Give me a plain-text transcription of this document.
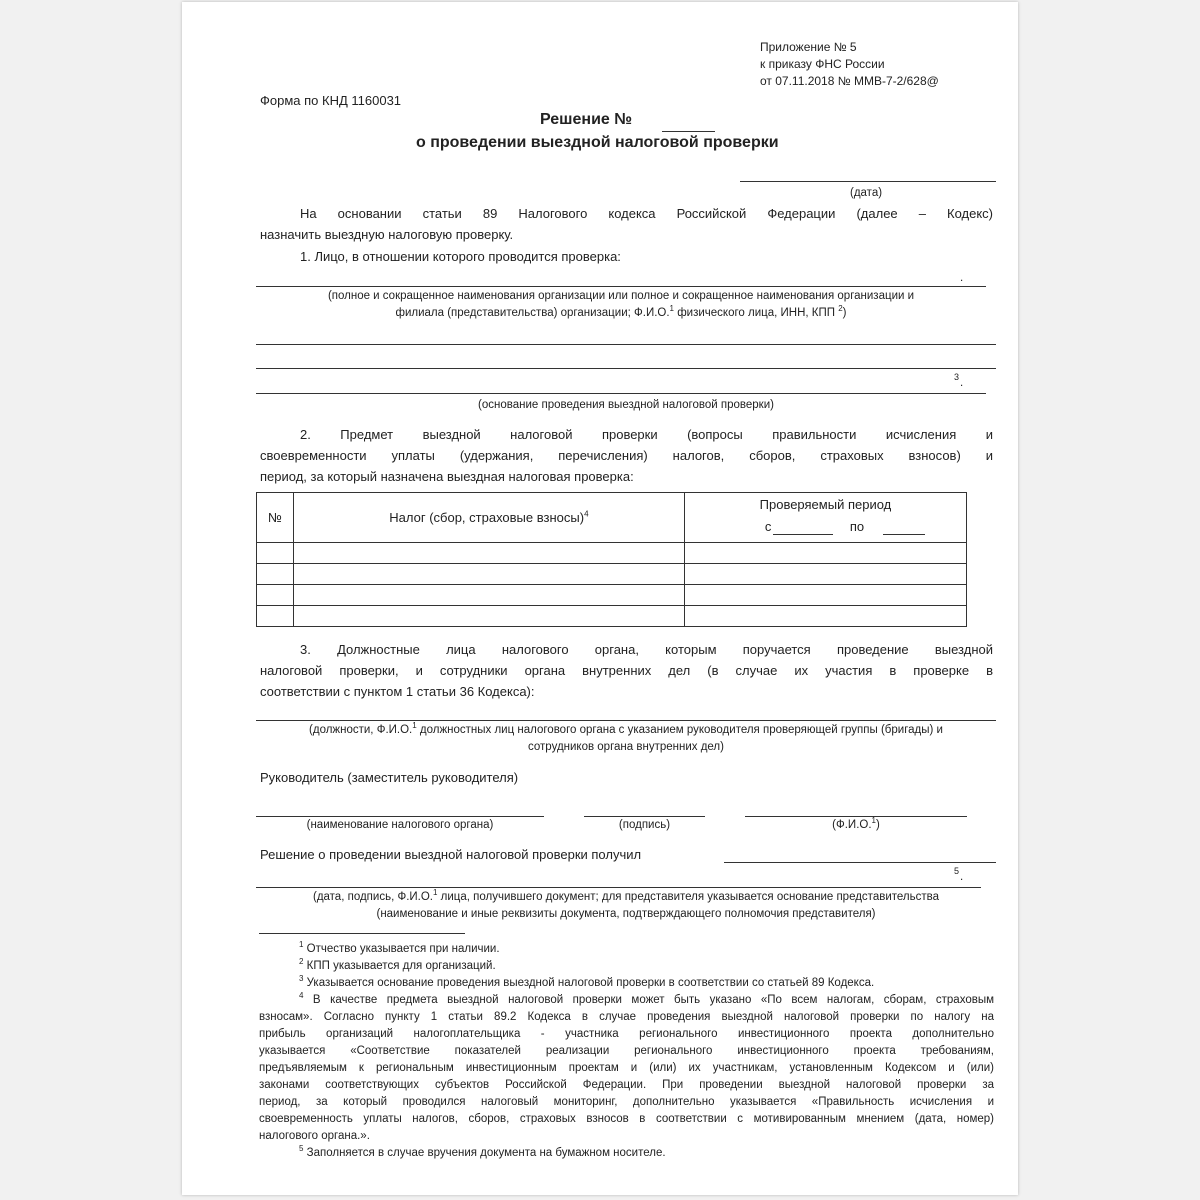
Приложение № 5
к приказу ФНС России
от 07.11.2018 № ММВ-7-2/628@
Форма по КНД 1160031
Решение №
о проведении выездной налоговой проверки
(дата)
На основании статьи 89 Налогового кодекса Российской Федерации (далее – Кодекс)
назначить выездную налоговую проверку.
1. Лицо, в отношении которого проводится проверка:
.
(полное и сокращенное наименования организации или полное и сокращенное наименования организации и
филиала (представительства) организации; Ф.И.О.$^1$ физического лица, ИНН, КПП $^2$)
3 .
(основание проведения выездной налоговой проверки)
2. Предмет выездной налоговой проверки (вопросы правильности исчисления и
своевременности уплаты (удержания, перечисления) налогов, сборов, страховых взносов) и
период, за который назначена выездная налоговая проверка:
№	Налог (сбор, страховые взносы)$^4$	Проверяемый период
с по

3. Должностные лица налогового органа, которым поручается проведение выездной
налоговой проверки, и сотрудники органа внутренних дел (в случае их участия в проверке в
соответствии с пунктом 1 статьи 36 Кодекса):
(должности, Ф.И.О.$^1$ должностных лиц налогового органа с указанием руководителя проверяющей группы (бригады) и
сотрудников органа внутренних дел)
Руководитель (заместитель руководителя)
(наименование налогового органа)	(подпись)	(Ф.И.О.$^1$)
Решение о проведении выездной налоговой проверки получил
5 .
(дата, подпись, Ф.И.О.$^1$ лица, получившего документ; для представителя указывается основание представительства
(наименование и иные реквизиты документа, подтверждающего полномочия представителя)
$^1$ Отчество указывается при наличии.
$^2$ КПП указывается для организаций.
$^3$ Указывается основание проведения выездной налоговой проверки в соответствии со статьей 89 Кодекса.
$^4$ В качестве предмета выездной налоговой проверки может быть указано «По всем налогам, сборам, страховым
взносам». Согласно пункту 1 статьи 89.2 Кодекса в случае проведения выездной налоговой проверки по налогу на
прибыль организаций налогоплательщика - участника регионального инвестиционного проекта дополнительно
указывается «Соответствие показателей реализации регионального инвестиционного проекта требованиям,
предъявляемым к региональным инвестиционным проектам и (или) их участникам, установленным Кодексом и (или)
законами соответствующих субъектов Российской Федерации. При проведении выездной налоговой проверки за
период, за который проводился налоговый мониторинг, дополнительно указывается «Правильность исчисления и
своевременность уплаты налогов, сборов, страховых взносов в соответствии с мотивированным мнением (дата, номер)
налогового органа.».
$^5$ Заполняется в случае вручения документа на бумажном носителе.
